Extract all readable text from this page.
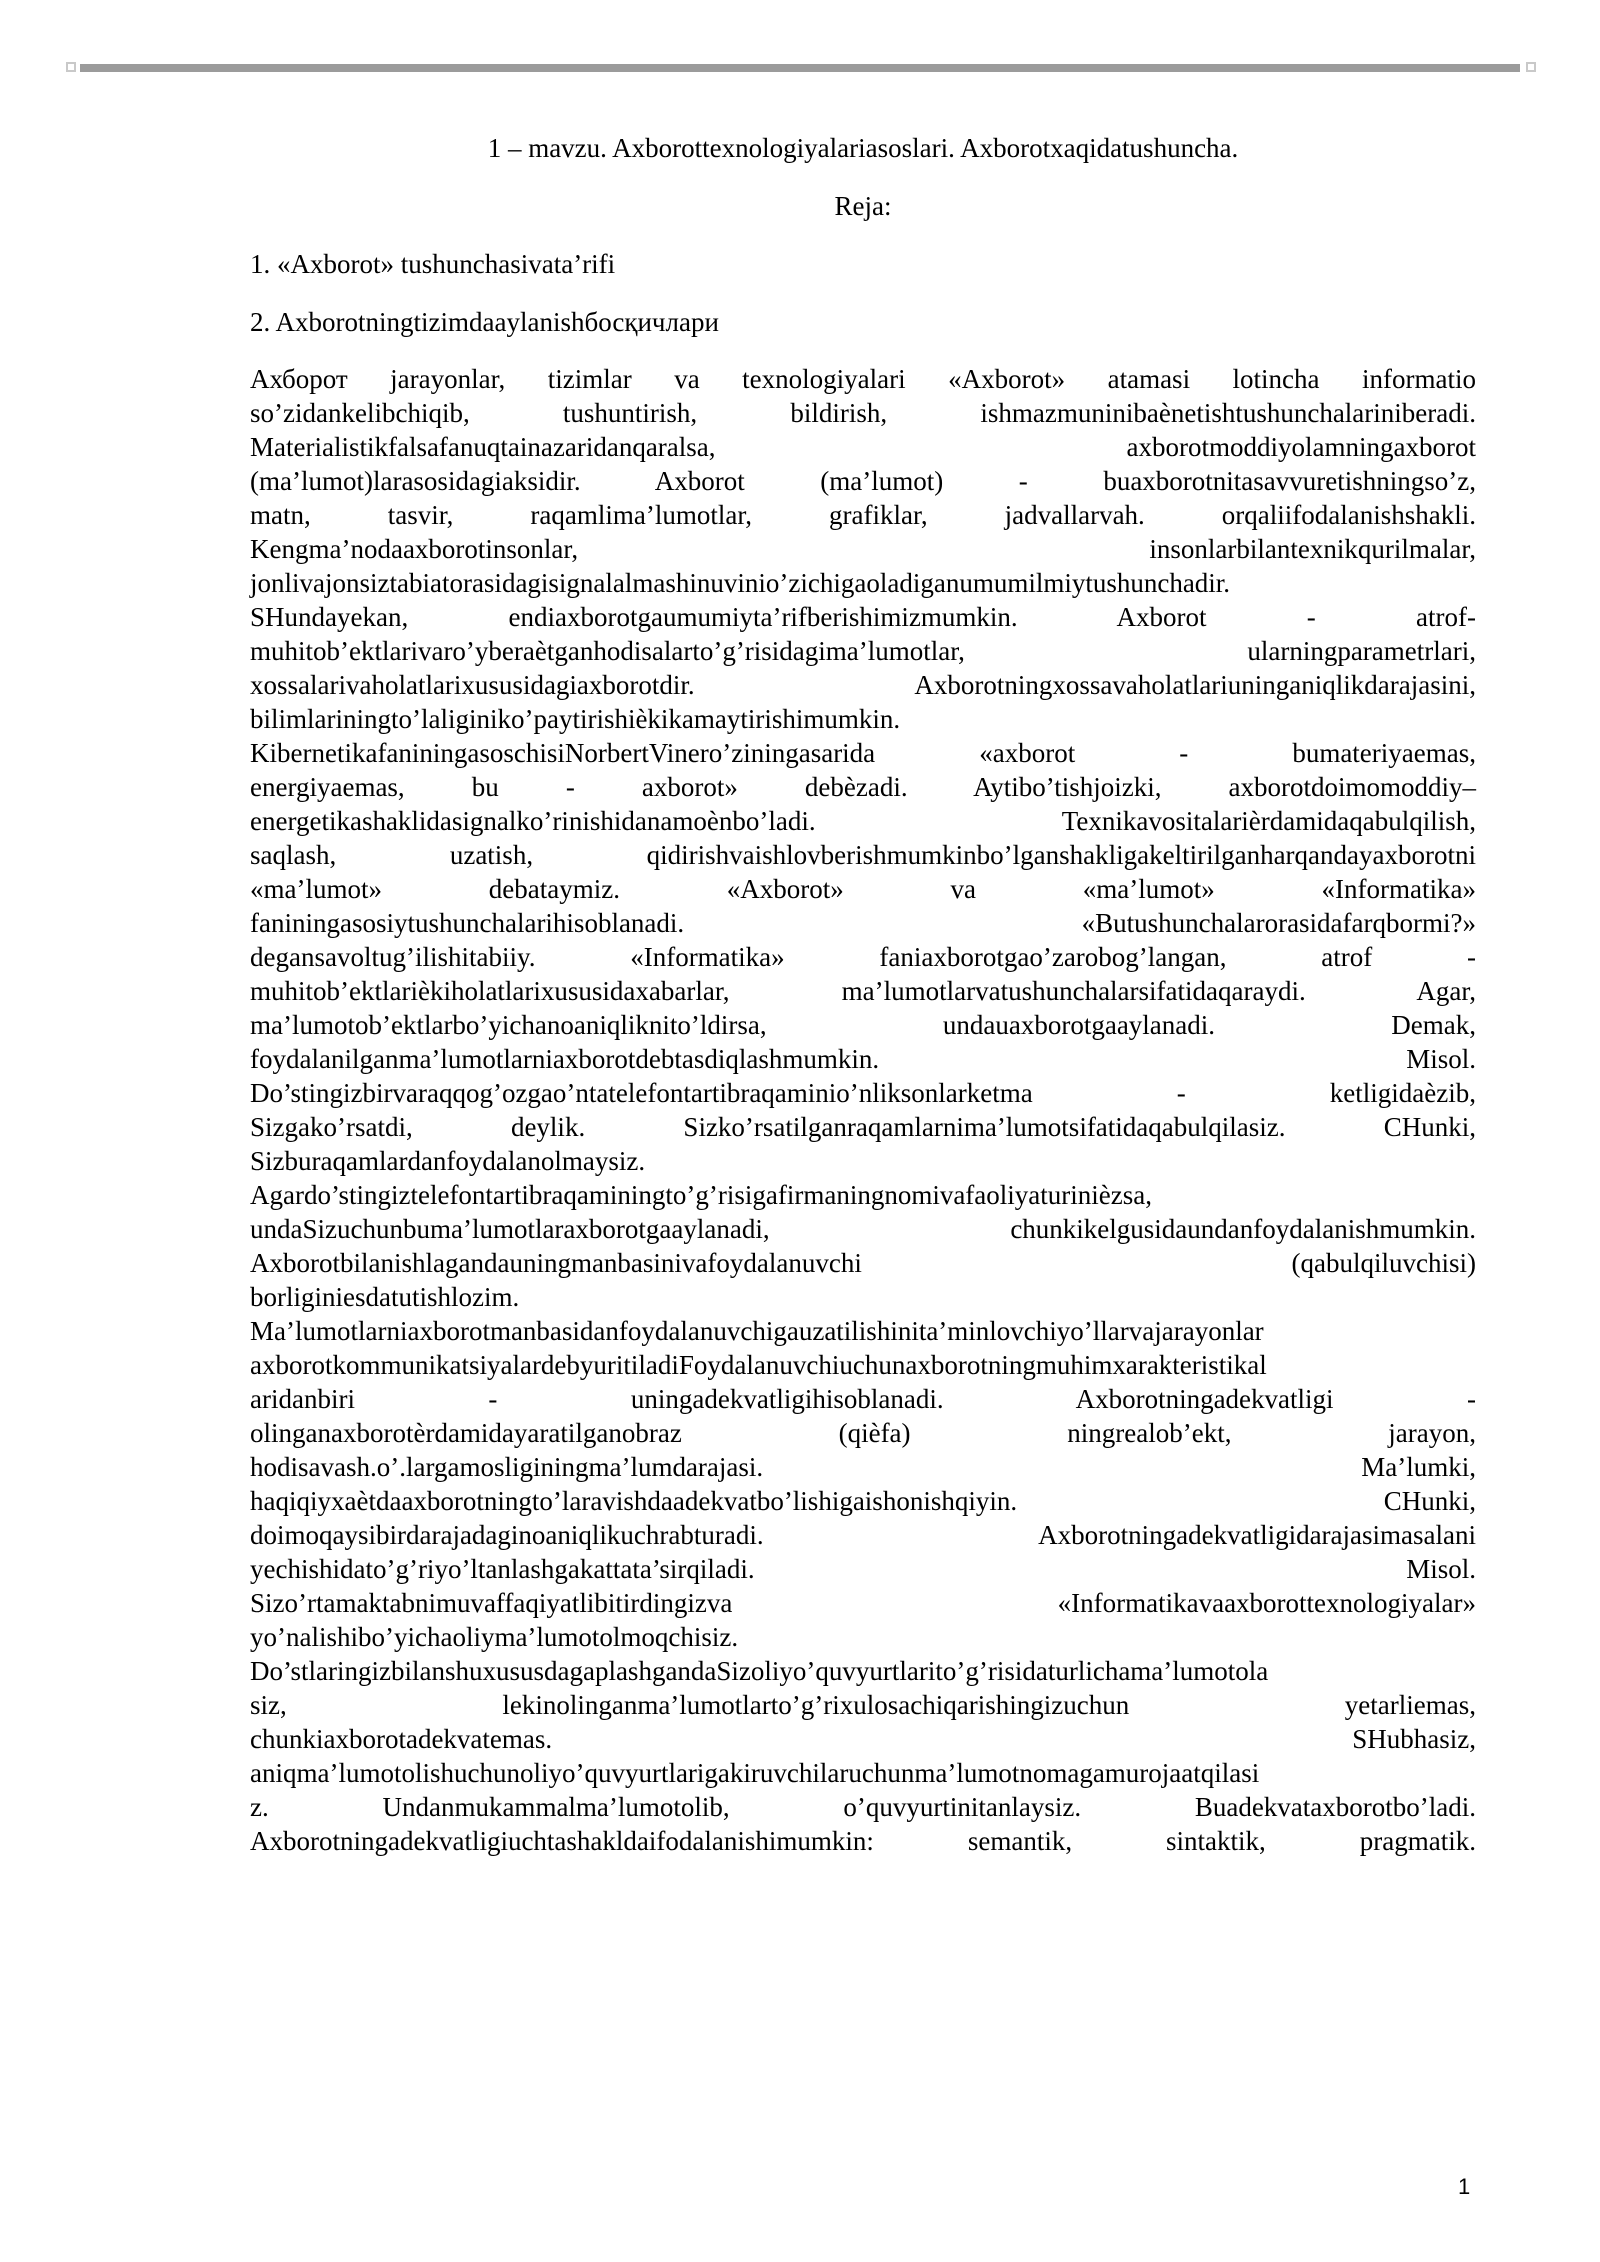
1 – mavzu. Axborottexnologiyalariasoslari. Axborotxaqidatushuncha.

Reja:

1. «Axborot» tushunchasivata’rifi

2. Axborotningtizimdaaylanishбосқичлари

Ахборот jarayonlar, tizimlar va texnologiyalari «Axborot» atamasi lotincha informatio
so’zidankelibchiqib, tushuntirish, bildirish, ishmazmuninibaènetishtushunchalariniberadi.
Materialistikfalsafanuqtainazaridanqaralsa, axborotmoddiyolamningaxborot
(ma’lumot)larasosidagiaksidir. Axborot (ma’lumot) - buaxborotnitasavvuretishningso’z,
matn, tasvir, raqamlima’lumotlar, grafiklar, jadvallarvah. orqaliifodalanishshakli.
Kengma’nodaaxborotinsonlar, insonlarbilantexnikqurilmalar,
jonlivajonsiztabiatorasidagisignalalmashinuvinio’zichigaoladiganumumilmiytushunchadir.
SHundayekan, endiaxborotgaumumiyta’rifberishimizmumkin. Axborot - atrof-
muhitob’ektlarivaro’yberaètganhodisalarto’g’risidagima’lumotlar, ularningparametrlari,
xossalarivaholatlarixususidagiaxborotdir. Axborotningxossavaholatlariuninganiqlikdarajasini,
bilimlariningto’laliginiko’paytirishièkikamaytirishimumkin.
KibernetikafaniningasoschisiNorbertVinero’ziningasarida «axborot - bumateriyaemas,
energiyaemas, bu - axborot» debèzadi. Aytibo’tishjoizki, axborotdoimomoddiy–
energetikashaklidasignalko’rinishidanamoènbo’ladi. Texnikavositalarièrdamidaqabulqilish,
saqlash, uzatish, qidirishvaishlovberishmumkinbo’lganshakligakeltirilganharqandayaxborotni
«ma’lumot» debataymiz. «Axborot» va «ma’lumot» «Informatika»
faniningasosiytushunchalarihisoblanadi. «Butushunchalarorasidafarqbormi?»
degansavoltug’ilishitabiiy. «Informatika» faniaxborotgao’zarobog’langan, atrof -
muhitob’ektlarièkiholatlarixususidaxabarlar, ma’lumotlarvatushunchalarsifatidaqaraydi. Agar,
ma’lumotob’ektlarbo’yichanoaniqliknito’ldirsa, undauaxborotgaaylanadi. Demak,
foydalanilganma’lumotlarniaxborotdebtasdiqlashmumkin. Misol.
Do’stingizbirvaraqqog’ozgao’ntatelefontartibraqaminio’nliksonlarketma - ketligidaèzib,
Sizgako’rsatdi, deylik. Sizko’rsatilganraqamlarnima’lumotsifatidaqabulqilasiz. CHunki,
Sizburaqamlardanfoydalanolmaysiz.
Agardo’stingiztelefontartibraqaminingto’g’risigafirmaningnomivafaoliyaturinièzsa,
undaSizuchunbuma’lumotlaraxborotgaaylanadi, chunkikelgusidaundanfoydalanishmumkin.
Axborotbilanishlagandauningmanbasinivafoydalanuvchi (qabulqiluvchisi)
borliginiesdatutishlozim.
Ma’lumotlarniaxborotmanbasidanfoydalanuvchigauzatilishinita’minlovchiyo’llarvajarayonlar
axborotkommunikatsiyalardebyuritiladiFoydalanuvchiuchunaxborotningmuhimxarakteristikal
aridanbiri - uningadekvatligihisoblanadi. Axborotningadekvatligi -
olinganaxborotèrdamidayaratilganobraz (qièfa) ningrealob’ekt, jarayon,
hodisavash.o’.largamosliginingma’lumdarajasi. Ma’lumki,
haqiqiyxaètdaaxborotningto’laravishdaadekvatbo’lishigaishonishqiyin. CHunki,
doimoqaysibirdarajadaginoaniqlikuchrabturadi. Axborotningadekvatligidarajasimasalani
yechishidato’g’riyo’ltanlashgakattata’sirqiladi. Misol.
Sizo’rtamaktabnimuvaffaqiyatlibitirdingizva «Informatikavaaxborottexnologiyalar»
yo’nalishibo’yichaoliyma’lumotolmoqchisiz.
Do’stlaringizbilanshuxususdagaplashgandaSizoliyo’quvyurtlarito’g’risidaturlichama’lumotola
siz, lekinolinganma’lumotlarto’g’rixulosachiqarishingizuchun yetarliemas,
chunkiaxborotadekvatemas. SHubhasiz,
aniqma’lumotolishuchunoliyo’quvyurtlarigakiruvchilaruchunma’lumotnomagamurojaatqilasi
z. Undanmukammalma’lumotolib, o’quvyurtinitanlaysiz. Buadekvataxborotbo’ladi.
Axborotningadekvatligiuchtashakldaifodalanishimumkin: semantik, sintaktik, pragmatik.
1
